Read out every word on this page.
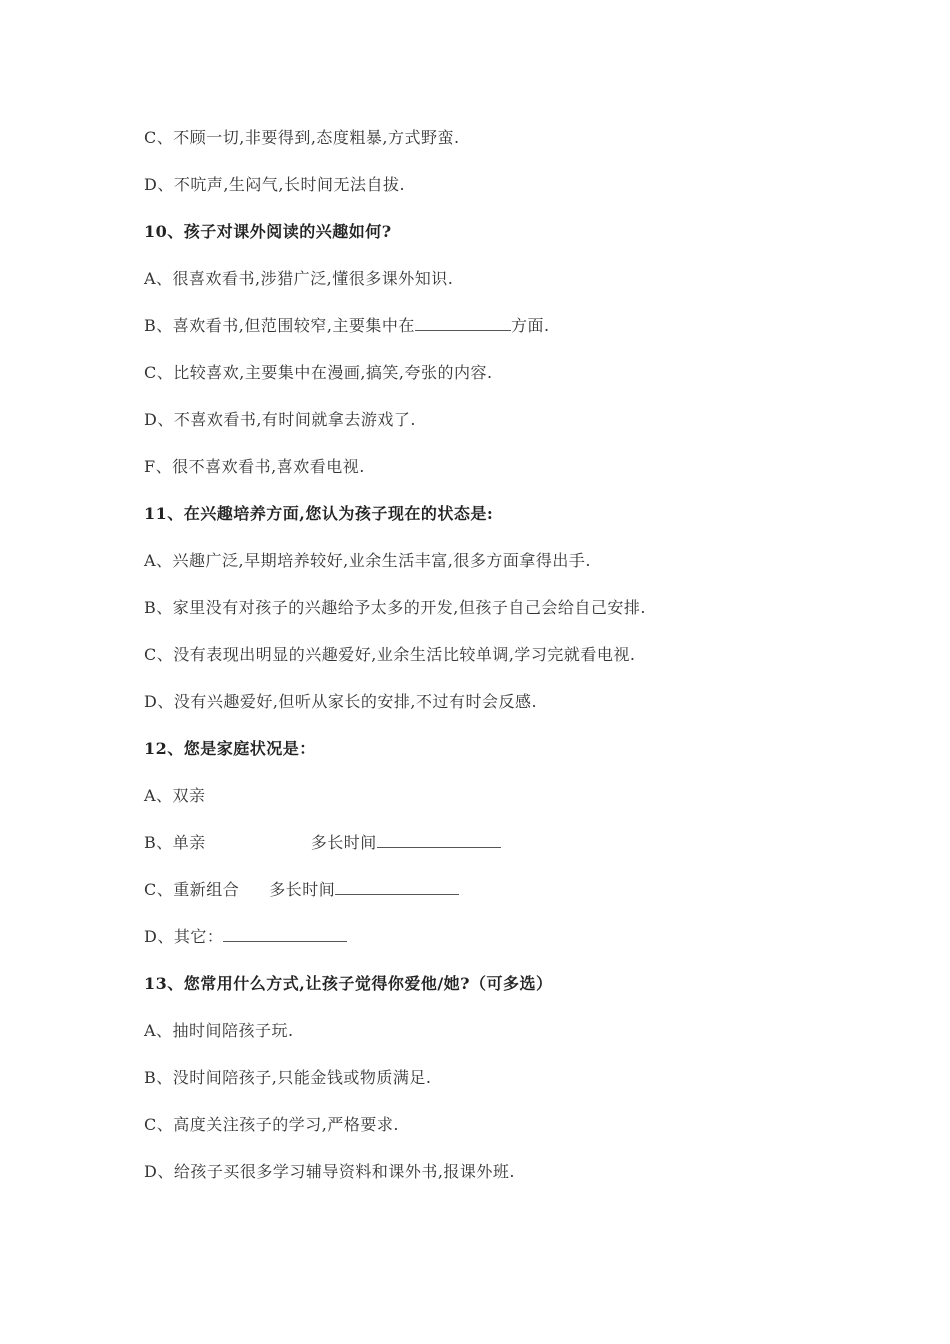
C、不顾一切,非要得到,态度粗暴,方式野蛮.
D、不吭声,生闷气,长时间无法自拔.
10、孩子对课外阅读的兴趣如何?
A、很喜欢看书,涉猎广泛,懂很多课外知识.
B、喜欢看书,但范围较窄,主要集中在	方面.
C、比较喜欢,主要集中在漫画,搞笑,夸张的内容.
D、不喜欢看书,有时间就拿去游戏了.
F、很不喜欢看书,喜欢看电视.
11、在兴趣培养方面,您认为孩子现在的状态是:
A、兴趣广泛,早期培养较好,业余生活丰富,很多方面拿得出手.
B、家里没有对孩子的兴趣给予太多的开发,但孩子自己会给自己安排.
C、没有表现出明显的兴趣爱好,业余生活比较单调,学习完就看电视.
D、没有兴趣爱好,但听从家长的安排,不过有时会反感.
12、您是家庭状况是：
A、双亲
B、单亲	多长时间
C、重新组合 多长时间
D、其它：
13、您常用什么方式,让孩子觉得你爱他/她?（可多选）
A、抽时间陪孩子玩.
B、没时间陪孩子,只能金钱或物质满足.
C、高度关注孩子的学习,严格要求.
D、给孩子买很多学习辅导资料和课外书,报课外班.
